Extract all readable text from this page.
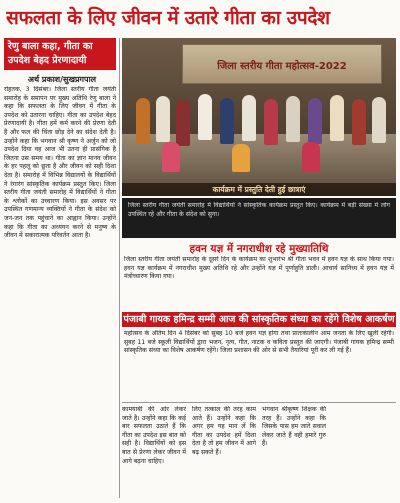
सफलता के लिए जीवन में उतारे गीता का उपदेश
रेणु बाला कहा, गीता का उपदेश बेहद प्रेरणादायी
अर्थ प्रकाश/सुखप्रगपाल
रोहतक, 3 दिसंबर। जिला स्तरीय गीता जयंती समारोह के समापन पर मुख्य अतिथि रेणु बाला ने कहा कि सफलता के लिए जीवन में गीता के उपदेश को उतारना चाहिए। गीता का उपदेश बेहद प्रेरणादायी है। गीता हमें कर्म करने की प्रेरणा देती है और फल की चिंता छोड़ देने का संदेश देती है। उन्होंने कहा कि भगवान श्री कृष्ण ने अर्जुन को जो उपदेश दिया वह आज भी उतना ही प्रासंगिक है जितना उस समय था। गीता का ज्ञान मानव जीवन के हर पहलू को छूता है और जीवन को सही दिशा देता है। समारोह में विभिन्न विद्यालयों के विद्यार्थियों ने रंगारंग सांस्कृतिक कार्यक्रम प्रस्तुत किए। जिला स्तरीय गीता जयंती समारोह में विद्यार्थियों ने गीता के श्लोकों का उच्चारण किया। इस अवसर पर उपस्थित गणमान्य व्यक्तियों ने गीता के संदेश को जन-जन तक पहुंचाने का आह्वान किया। उन्होंने कहा कि गीता का अध्ययन करने से मनुष्य के जीवन में सकारात्मक परिवर्तन आता है।
जिला स्तरीय गीता महोत्सव-2022
कार्यक्रम में प्रस्तुति देती हुई छात्राएं
जिला स्तरीय गीता जयंती समारोह में विद्यार्थियों ने सांस्कृतिक कार्यक्रम प्रस्तुत किए। कार्यक्रम में बड़ी संख्या में लोग उपस्थित रहे और गीता के संदेश को सुना।
हवन यज्ञ में नगराधीश रहे मुख्यातिथि
जिला स्तरीय गीता जयंती समारोह के दूसरे दिन के कार्यक्रम का शुभारंभ श्री गीता भवन में हवन यज्ञ के साथ किया गया। हवन यज्ञ कार्यक्रम में नगराधीश मुख्य अतिथि रहे और उन्होंने यज्ञ में पूर्णाहुति डाली। आचार्य सानिध्य में हवन यज्ञ में मंत्रोच्चारण किया गया।
पंजाबी गायक हमिन्द्र सम्मी आज की सांस्कृतिक संध्या का रहेंगे विशेष आकर्षण
महोत्सव के अंतिम दिन 4 दिसंबर को सुबह 10 बजे हवन यज्ञ होगा तथा प्रातःकालीन आम जनता के लिए खुली रहेगी। सुबह 11 बजे स्कूली विद्यार्थियों द्वारा भजन, नृत्य, गीत, नाटक व कविता प्रस्तुत की जाएगी। पंजाबी गायक हमिन्द्र सम्मी सांस्कृतिक संध्या का विशेष आकर्षण रहेंगे। जिला प्रशासन की ओर से सभी तैयारियां पूरी कर ली गई हैं।
कामयाबी की ओर लेकर जाते है। उन्होंने कहा कि कई बार सफलता उठाते हैं कि गीता का उपदेश इस बात को सही है। विद्यार्थियों को इस बात से प्रेरणा लेकर जीवन में आगे बढ़ना चाहिए।
लिए तत्काल की तरह काम आते हैं। उन्होंने कहा कि अगर हम यह मान लें कि गीता का उपदेश हमें दिशा देता है तो हम जीवन में आगे बढ़ सकते हैं।
भगवान श्रीकृष्ण शिक्षक की तरह हैं। उन्होंने कहा कि जिसके पास हम जाते सवाल लेकर जाते हैं वही हमारे गुरु हैं।
